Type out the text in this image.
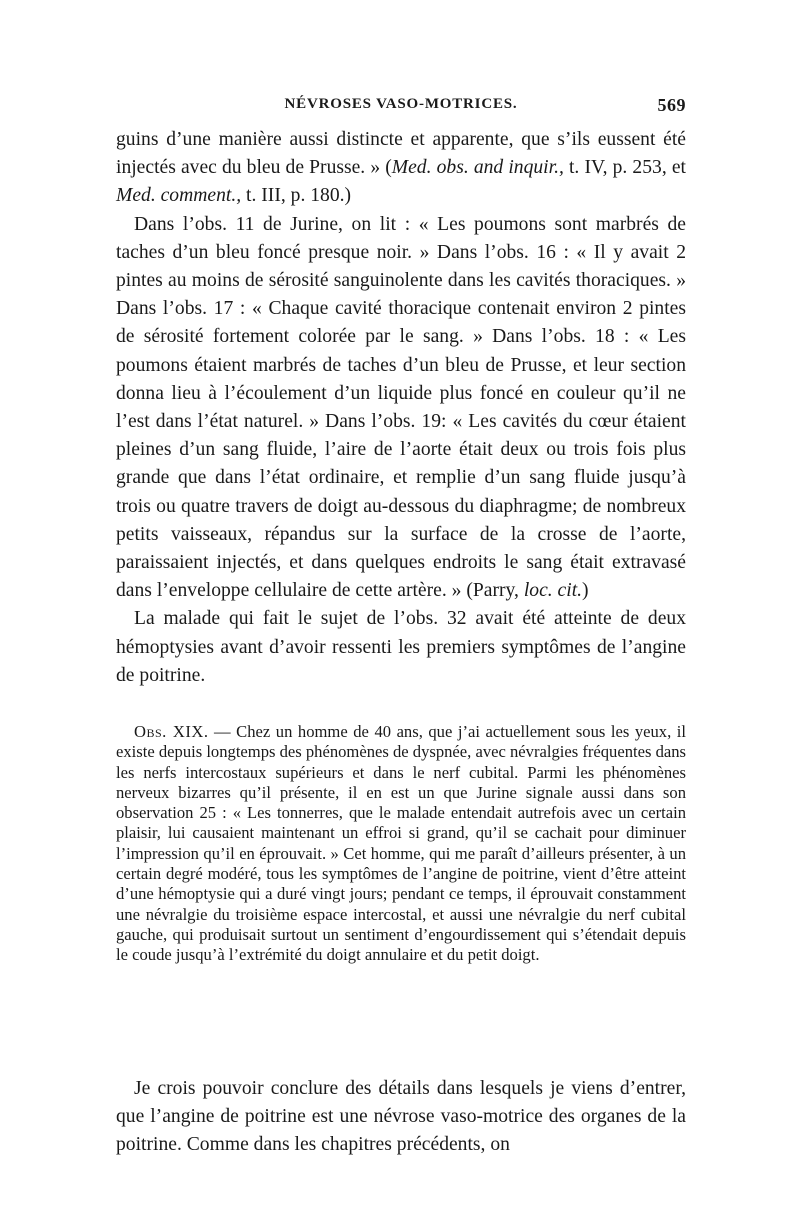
NÉVROSES VASO-MOTRICES.	569

guins d’une manière aussi distincte et apparente, que s’ils eussent été injectés avec du bleu de Prusse. » (Med. obs. and inquir., t. IV, p. 253, et Med. comment., t. III, p. 180.)

Dans l’obs. 11 de Jurine, on lit : « Les poumons sont marbrés de taches d’un bleu foncé presque noir. » Dans l’obs. 16 : « Il y avait 2 pintes au moins de sérosité sanguinolente dans les cavités thoraciques. » Dans l’obs. 17 : « Chaque cavité thoracique contenait environ 2 pintes de sérosité fortement colorée par le sang. » Dans l’obs. 18 : « Les poumons étaient marbrés de taches d’un bleu de Prusse, et leur section donna lieu à l’écoulement d’un liquide plus foncé en couleur qu’il ne l’est dans l’état naturel. » Dans l’obs. 19: « Les cavités du cœur étaient pleines d’un sang fluide, l’aire de l’aorte était deux ou trois fois plus grande que dans l’état ordinaire, et remplie d’un sang fluide jusqu’à trois ou quatre travers de doigt au-dessous du diaphragme; de nombreux petits vaisseaux, répandus sur la surface de la crosse de l’aorte, paraissaient injectés, et dans quelques endroits le sang était extravasé dans l’enveloppe cellulaire de cette artère. » (Parry, loc. cit.)

La malade qui fait le sujet de l’obs. 32 avait été atteinte de deux hémoptysies avant d’avoir ressenti les premiers symptômes de l’angine de poitrine.

Obs. XIX. — Chez un homme de 40 ans, que j’ai actuellement sous les yeux, il existe depuis longtemps des phénomènes de dyspnée, avec névralgies fréquentes dans les nerfs intercostaux supérieurs et dans le nerf cubital. Parmi les phénomènes nerveux bizarres qu’il présente, il en est un que Jurine signale aussi dans son observation 25 : « Les tonnerres, que le malade entendait autrefois avec un certain plaisir, lui causaient maintenant un effroi si grand, qu’il se cachait pour diminuer l’impression qu’il en éprouvait. » Cet homme, qui me paraît d’ailleurs présenter, à un certain degré modéré, tous les symptômes de l’angine de poitrine, vient d’être atteint d’une hémoptysie qui a duré vingt jours; pendant ce temps, il éprouvait constamment une névralgie du troisième espace intercostal, et aussi une névralgie du nerf cubital gauche, qui produisait surtout un sentiment d’engourdissement qui s’étendait depuis le coude jusqu’à l’extrémité du doigt annulaire et du petit doigt.

Je crois pouvoir conclure des détails dans lesquels je viens d’entrer, que l’angine de poitrine est une névrose vaso-motrice des organes de la poitrine. Comme dans les chapitres précédents, on
